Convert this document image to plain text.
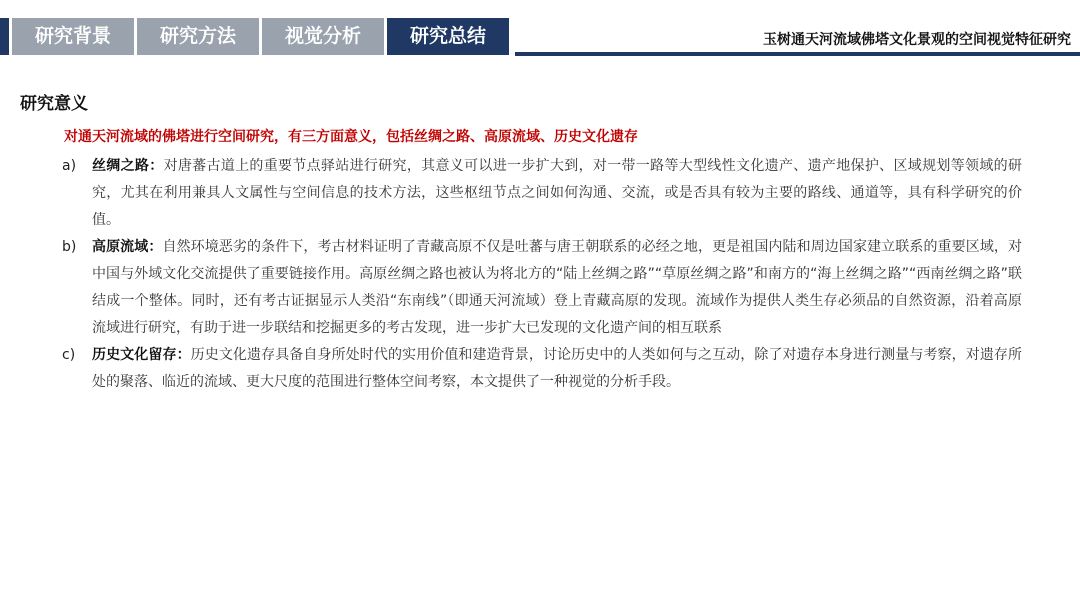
研究背景	研究方法	视觉分析	研究总结	玉树通天河流域佛塔文化景观的空间视觉特征研究
研究意义
对通天河流域的佛塔进行空间研究，有三方面意义，包括丝绸之路、高原流域、历史文化遗存
a)	丝绸之路：对唐蕃古道上的重要节点驿站进行研究，其意义可以进一步扩大到，对一带一路等大型线性文化遗产、遗产地保护、区域规划等领域的研究，尤其在利用兼具人文属性与空间信息的技术方法，这些枢纽节点之间如何沟通、交流，或是否具有较为主要的路线、通道等，具有科学研究的价值。
b)	高原流域：自然环境恶劣的条件下，考古材料证明了青藏高原不仅是吐蕃与唐王朝联系的必经之地，更是祖国内陆和周边国家建立联系的重要区域，对中国与外域文化交流提供了重要链接作用。高原丝绸之路也被认为将北方的“陆上丝绸之路”“草原丝绸之路”和南方的“海上丝绸之路”“西南丝绸之路”联结成一个整体。同时，还有考古证据显示人类沿“东南线”（即通天河流域）登上青藏高原的发现。流域作为提供人类生存必须品的自然资源，沿着高原流域进行研究，有助于进一步联结和挖掘更多的考古发现，进一步扩大已发现的文化遗产间的相互联系
c)	历史文化留存：历史文化遗存具备自身所处时代的实用价值和建造背景，讨论历史中的人类如何与之互动，除了对遗存本身进行测量与考察，对遗存所处的聚落、临近的流域、更大尺度的范围进行整体空间考察，本文提供了一种视觉的分析手段。
